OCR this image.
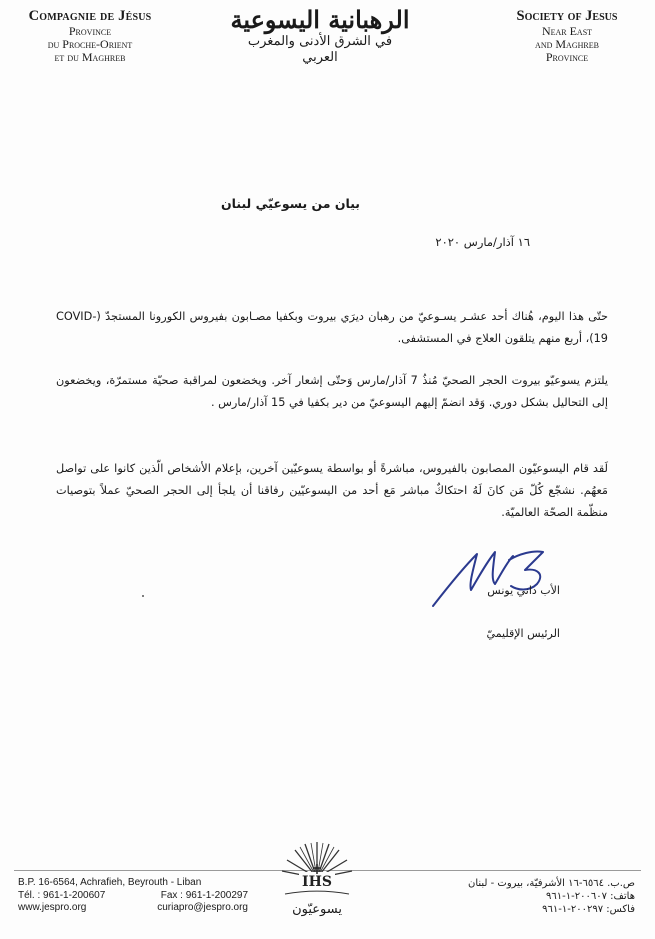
Compagnie de Jésus
Province
du Proche-Orient
et du Maghreb
الرهبانية اليسوعية
في الشرق الأدنى والمغرب العربي
Society of Jesus
Near East
and Maghreb
Province
بيان من يسوعيّي لبنان
١٦ آذار/مارس ٢٠٢٠
حتّى هذا اليوم، هُناك أحد عشـر يسـوعيّ من رهبان ديرَي بيروت وبكفيا مصـابون بفيروس الكورونا المستجدّ (COVID-19)، أربع منهم يتلقون العلاج في المستشفى.
يلتزم يسوعيّو بيروت الحجر الصحيّ مُنذُ 7 آذار/مارس وَحتّى إشعار آخر. ويخضعون لمراقبة صحيّة مستمرّة، ويخضعون إلى التحاليل بشكل دوري. وَقد انضمّ إليهم اليسوعيّ من دير بكفيا في 15 آذار/مارس .
لَقد قام اليسوعيّون المصابون بالفيروس، مباشرةً أو بواسطة يسوعيّين آخرين، بإعلام الأشخاص الّذين كانوا على تواصل مَعهُم. نشجّع كُلّ مَن كانَ لَهُ احتكاكٌ مباشر مَع أحد من اليسوعيّين رفاقنا أن يلجأ إلى الحجر الصحيّ عملاً بتوصيات منظّمة الصحّة العالميّة.
الأب داني يونس
الرئيس الإقليميّ
B.P. 16-6564, Achrafieh, Beyrouth - Liban
Tél. : 961-1-200607	Fax : 961-1-200297
www.jespro.org	curiapro@jespro.org
IHS
يسوعيّون
ص.ب. ٦٥٦٤-١٦ الأشرفيّة، بيروت - لبنان
هاتف: ٢٠٠٦٠٧-١-٩٦١
فاكس: ٢٠٠٢٩٧-١-٩٦١
